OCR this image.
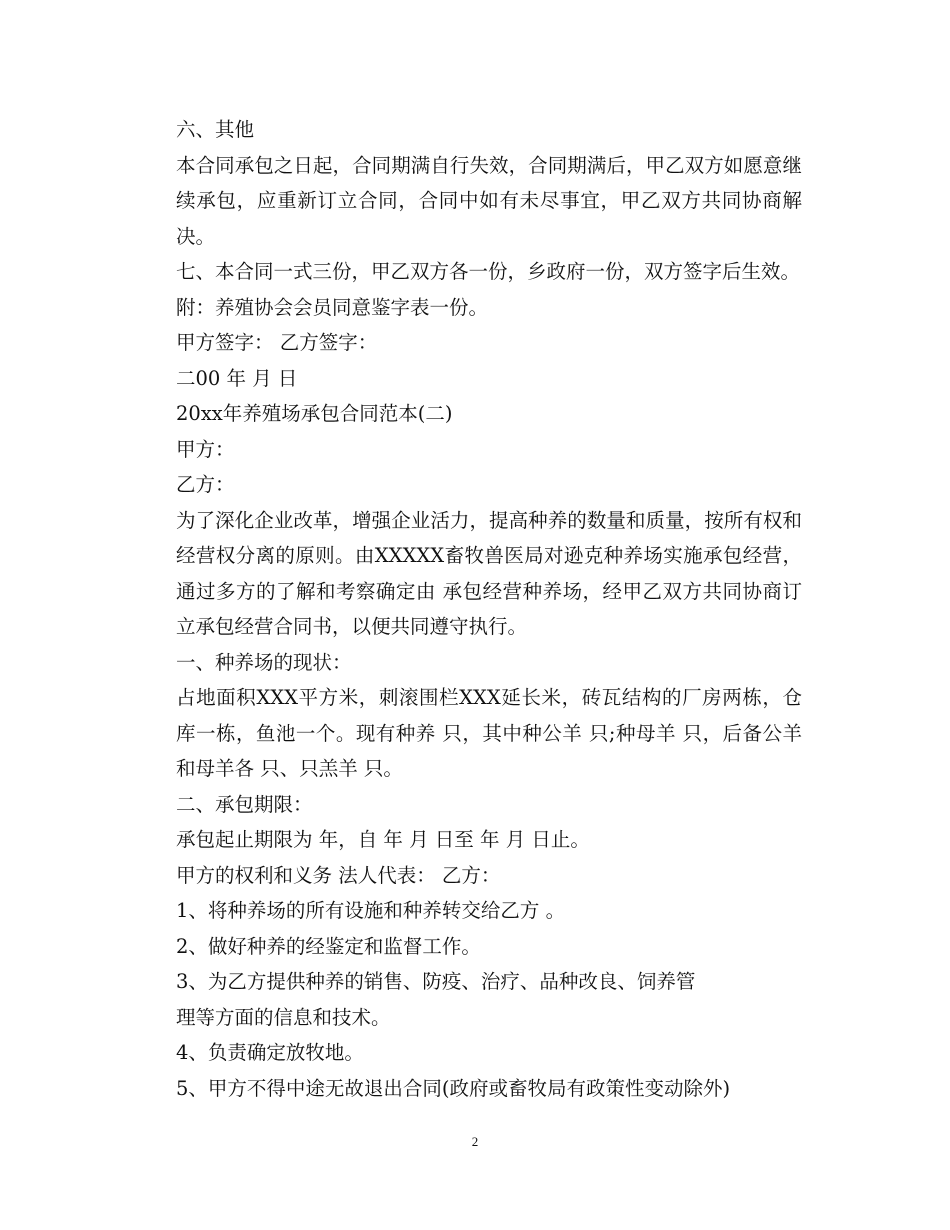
六、其他

本合同承包之日起，合同期满自行失效，合同期满后，甲乙双方如愿意继续承包，应重新订立合同，合同中如有未尽事宜，甲乙双方共同协商解决。

七、本合同一式三份，甲乙双方各一份，乡政府一份，双方签字后生效。

附：养殖协会会员同意鉴字表一份。

甲方签字： 乙方签字：

二00 年 月 日

20xx年养殖场承包合同范本(二)

甲方：

乙方：

为了深化企业改革，增强企业活力，提高种养的数量和质量，按所有权和经营权分离的原则。由XXXXX畜牧兽医局对逊克种养场实施承包经营，通过多方的了解和考察确定由 承包经营种养场，经甲乙双方共同协商订立承包经营合同书，以便共同遵守执行。

一、种养场的现状：

占地面积XXX平方米，刺滚围栏XXX延长米，砖瓦结构的厂房两栋，仓库一栋，鱼池一个。现有种养 只，其中种公羊 只;种母羊 只，后备公羊和母羊各 只、只羔羊 只。

二、承包期限：

承包起止期限为 年，自 年 月 日至 年 月 日止。

甲方的权利和义务 法人代表： 乙方：

1、将种养场的所有设施和种养转交给乙方 。

2、做好种养的经鉴定和监督工作。

3、为乙方提供种养的销售、防疫、治疗、品种改良、饲养管

理等方面的信息和技术。

4、负责确定放牧地。

5、甲方不得中途无故退出合同(政府或畜牧局有政策性变动除外)

2
